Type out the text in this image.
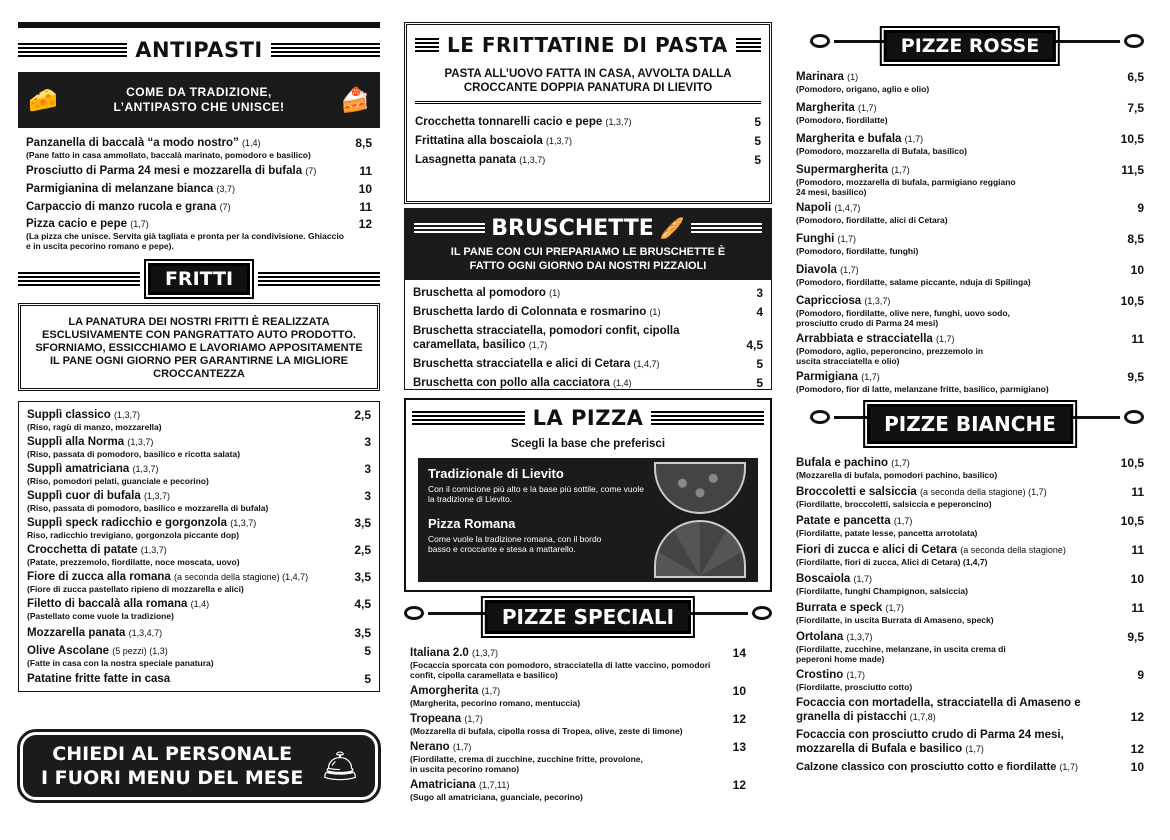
ANTIPASTI
🧀	COME DA TRADIZIONE,
L’ANTIPASTO CHE UNISCE! 🍰
Panzanella di baccalà “a modo nostro” (1,4)
(Pane fatto in casa ammollato, baccalà marinato, pomodoro e basilico)
8,5
Prosciutto di Parma 24 mesi e mozzarella di bufala (7)	11
Parmigianina di melanzane bianca (3,7)	10
Carpaccio di manzo rucola e grana (7)	11
Pizza cacio e pepe (1,7)
(La pizza che unisce. Servita già tagliata e pronta per la condivisione. Ghiaccio e in uscita pecorino romano e pepe).
12
FRITTI
LA PANATURA DEI NOSTRI FRITTI È REALIZZATA ESCLUSIVAMENTE CON PANGRATTATO AUTO PRODOTTO. SFORNIAMO, ESSICCHIAMO E LAVORIAMO APPOSITAMENTE IL PANE OGNI GIORNO PER GARANTIRNE LA MIGLIORE CROCCANTEZZA
Supplì classico (1,3,7)
(Riso, ragù di manzo, mozzarella)
2,5
Supplì alla Norma (1,3,7)
(Riso, passata di pomodoro, basilico e ricotta salata)
3
Supplì amatriciana (1,3,7)
(Riso, pomodori pelati, guanciale e pecorino)
3
Supplì cuor di bufala (1,3,7)
(Riso, passata di pomodoro, basilico e mozzarella di bufala)
3
Supplì speck radicchio e gorgonzola (1,3,7)
Riso, radicchio trevigiano, gorgonzola piccante dop)
3,5
Crocchetta di patate (1,3,7)
(Patate, prezzemolo, fiordilatte, noce moscata, uovo)
2,5
Fiore di zucca alla romana (a seconda della stagione) (1,4,7)
(Fiore di zucca pastellato ripieno di mozzarella e alici)
3,5
Filetto di baccalà alla romana (1,4)
(Pastellato come vuole la tradizione)
4,5
Mozzarella panata (1,3,4,7)	3,5
Olive Ascolane (5 pezzi) (1,3)
(Fatte in casa con la nostra speciale panatura)
5
Patatine fritte fatte in casa	5
CHIEDI AL PERSONALE
I FUORI MENU DEL MESE 🛎
LE FRITTATINE DI PASTA
PASTA ALL’UOVO FATTA IN CASA, AVVOLTA DALLA CROCCANTE DOPPIA PANATURA DI LIEVITO
Crocchetta tonnarelli cacio e pepe (1,3,7)	5
Frittatina alla boscaiola (1,3,7)	5
Lasagnetta panata (1,3,7)	5
BRUSCHETTE 🥖
IL PANE CON CUI PREPARIAMO LE BRUSCHETTE È FATTO OGNI GIORNO DAI NOSTRI PIZZAIOLI
Bruschetta al pomodoro (1)	3
Bruschetta lardo di Colonnata e rosmarino (1)	4
Bruschetta stracciatella, pomodori confit, cipolla caramellata, basilico (1,7)	4,5
Bruschetta stracciatella e alici di Cetara (1,4,7)	5
Bruschetta con pollo alla cacciatora (1,4)	5
LA PIZZA
Scegli la base che preferisci
Tradizionale di Lievito
Con il cornicione più alto e la base più sottile, come vuole la tradizione di Lievito.
Pizza Romana
Come vuole la tradizione romana, con il bordo basso e croccante e stesa a mattarello.
PIZZE SPECIALI
Italiana 2.0 (1,3,7)
(Focaccia sporcata con pomodoro, stracciatella di latte vaccino, pomodori confit, cipolla caramellata e basilico)
14
Amorgherita (1,7)
(Margherita, pecorino romano, mentuccia)
10
Tropeana (1,7)
(Mozzarella di bufala, cipolla rossa di Tropea, olive, zeste di limone)
12
Nerano (1,7)
(Fiordilatte, crema di zucchine, zucchine fritte, provolone, in uscita pecorino romano)
13
Amatriciana (1,7,11)
(Sugo all amatriciana, guanciale, pecorino)
12
PIZZE ROSSE
Marinara (1)
(Pomodoro, origano, aglio e olio)
6,5
Margherita (1,7)
(Pomodoro, fiordilatte)
7,5
Margherita e bufala (1,7)
(Pomodoro, mozzarella di Bufala, basilico)
10,5
Supermargherita (1,7)
(Pomodoro, mozzarella di bufala, parmigiano reggiano 24 mesi, basilico)
11,5
Napoli (1,4,7)
(Pomodoro, fiordilatte, alici di Cetara)
9
Funghi (1,7)
(Pomodoro, fiordilatte, funghi)
8,5
Diavola (1,7)
(Pomodoro, fiordilatte, salame piccante, nduja di Spilinga)
10
Capricciosa (1,3,7)
(Pomodoro, fiordilatte, olive nere, funghi, uovo sodo, prosciutto crudo di Parma 24 mesi)
10,5
Arrabbiata e stracciatella (1,7)
(Pomodoro, aglio, peperoncino, prezzemolo in uscita stracciatella e olio)
11
Parmigiana (1,7)
(Pomodoro, fior di latte, melanzane fritte, basilico, parmigiano)
9,5
PIZZE BIANCHE
Bufala e pachino (1,7)
(Mozzarella di bufala, pomodori pachino, basilico)
10,5
Broccoletti e salsiccia (a seconda della stagione) (1,7)
(Fiordilatte, broccoletti, salsiccia e peperoncino)
11
Patate e pancetta (1,7)
(Fiordilatte, patate lesse, pancetta arrotolata)
10,5
Fiori di zucca e alici di Cetara (a seconda della stagione)
(Fiordilatte, fiori di zucca, Alici di Cetara) (1,4,7)
11
Boscaiola (1,7)
(Fiordilatte, funghi Champignon, salsiccia)
10
Burrata e speck (1,7)
(Fiordilatte, in uscita Burrata di Amaseno, speck)
11
Ortolana (1,3,7)
(Fiordilatte, zucchine, melanzane, in uscita crema di peperoni home made)
9,5
Crostino (1,7)
(Fiordilatte, prosciutto cotto)
9
Focaccia con mortadella, stracciatella di Amaseno e granella di pistacchi (1,7,8)	12
Focaccia con prosciutto crudo di Parma 24 mesi, mozzarella di Bufala e basilico (1,7)	12
Calzone classico con prosciutto cotto e fiordilatte (1,7)	10
